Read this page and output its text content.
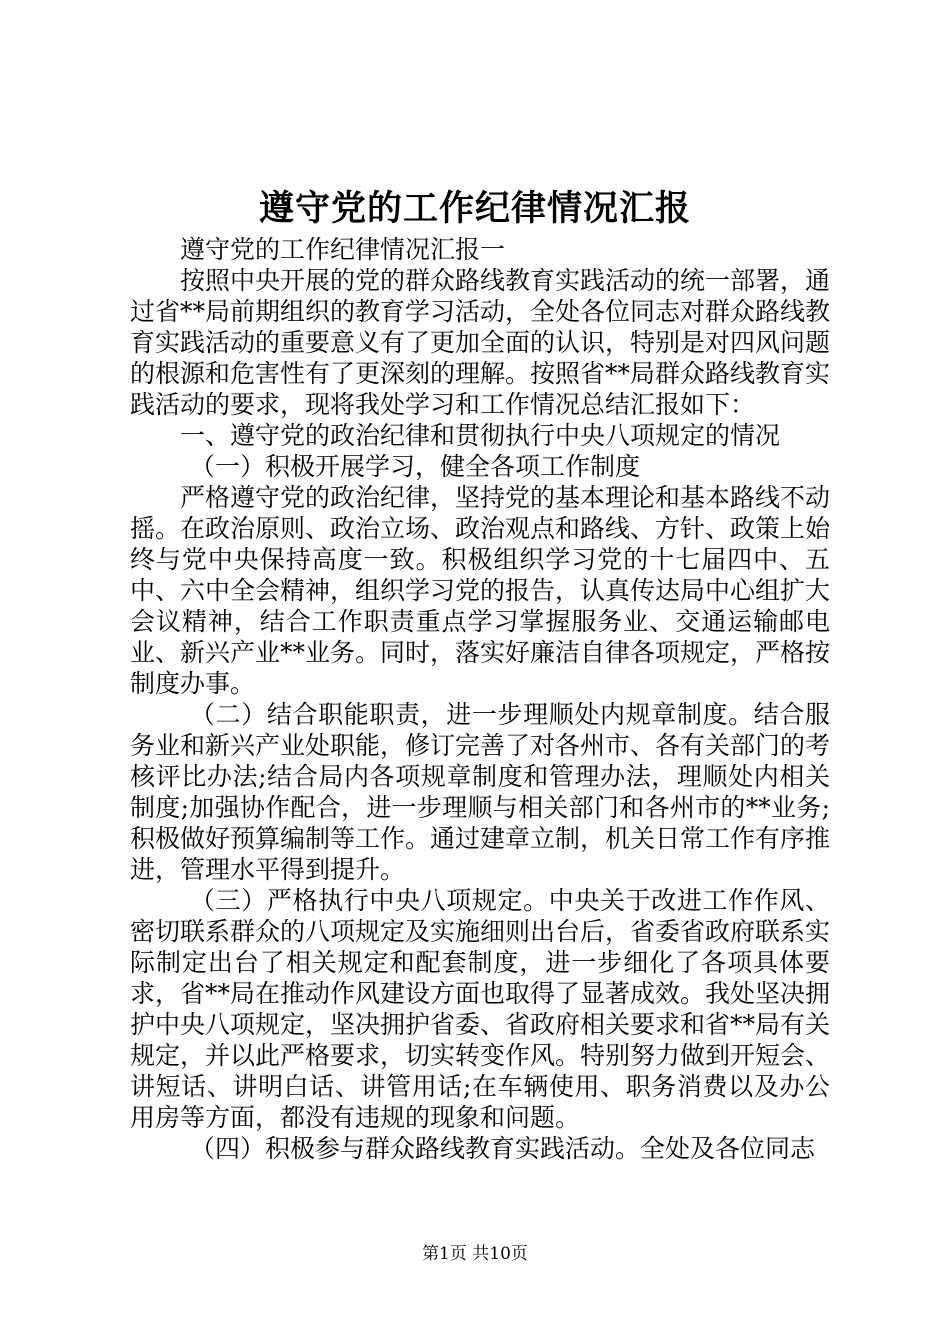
遵守党的工作纪律情况汇报

遵守党的工作纪律情况汇报一

按照中央开展的党的群众路线教育实践活动的统一部署，通过省**局前期组织的教育学习活动，全处各位同志对群众路线教育实践活动的重要意义有了更加全面的认识，特别是对四风问题的根源和危害性有了更深刻的理解。按照省**局群众路线教育实践活动的要求，现将我处学习和工作情况总结汇报如下：

一、遵守党的政治纪律和贯彻执行中央八项规定的情况

（一）积极开展学习，健全各项工作制度

严格遵守党的政治纪律，坚持党的基本理论和基本路线不动摇。在政治原则、政治立场、政治观点和路线、方针、政策上始终与党中央保持高度一致。积极组织学习党的十七届四中、五中、六中全会精神，组织学习党的报告，认真传达局中心组扩大会议精神，结合工作职责重点学习掌握服务业、交通运输邮电业、新兴产业**业务。同时，落实好廉洁自律各项规定，严格按制度办事。

（二）结合职能职责，进一步理顺处内规章制度。结合服务业和新兴产业处职能，修订完善了对各州市、各有关部门的考核评比办法;结合局内各项规章制度和管理办法，理顺处内相关制度;加强协作配合，进一步理顺与相关部门和各州市的**业务;积极做好预算编制等工作。通过建章立制，机关日常工作有序推进，管理水平得到提升。

（三）严格执行中央八项规定。中央关于改进工作作风、密切联系群众的八项规定及实施细则出台后，省委省政府联系实际制定出台了相关规定和配套制度，进一步细化了各项具体要求，省**局在推动作风建设方面也取得了显著成效。我处坚决拥护中央八项规定，坚决拥护省委、省政府相关要求和省**局有关规定，并以此严格要求，切实转变作风。特别努力做到开短会、讲短话、讲明白话、讲管用话;在车辆使用、职务消费以及办公用房等方面，都没有违规的现象和问题。

（四）积极参与群众路线教育实践活动。全处及各位同志

第1页 共10页
